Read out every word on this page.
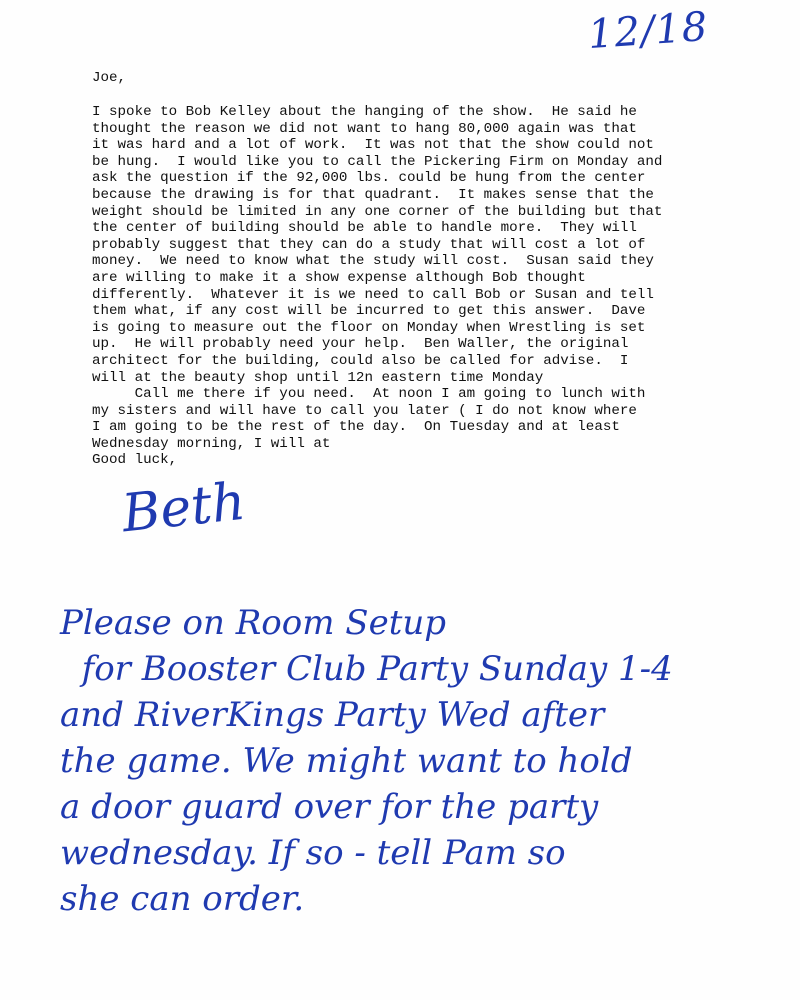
12/18
Joe,
I spoke to Bob Kelley about the hanging of the show.  He said he
thought the reason we did not want to hang 80,000 again was that
it was hard and a lot of work.  It was not that the show could not
be hung.  I would like you to call the Pickering Firm on Monday and
ask the question if the 92,000 lbs. could be hung from the center
because the drawing is for that quadrant.  It makes sense that the
weight should be limited in any one corner of the building but that
the center of building should be able to handle more.  They will
probably suggest that they can do a study that will cost a lot of
money.  We need to know what the study will cost.  Susan said they
are willing to make it a show expense although Bob thought
differently.  Whatever it is we need to call Bob or Susan and tell
them what, if any cost will be incurred to get this answer.  Dave
is going to measure out the floor on Monday when Wrestling is set
up.  He will probably need your help.  Ben Waller, the original
architect for the building, could also be called for advise.  I
will at the beauty shop until 12n eastern time Monday
Call me there if you need.  At noon I am going to lunch with
my sisters and will have to call you later ( I do not know where
I am going to be the rest of the day.  On Tuesday and at least
Wednesday morning, I will at
Good luck,
Beth
Please on Room Setup
for Booster Club Party Sunday 1-4
and RiverKings Party Wed after
the game. We might want to hold
a door guard over for the party
wednesday. If so - tell Pam so
she can order.
